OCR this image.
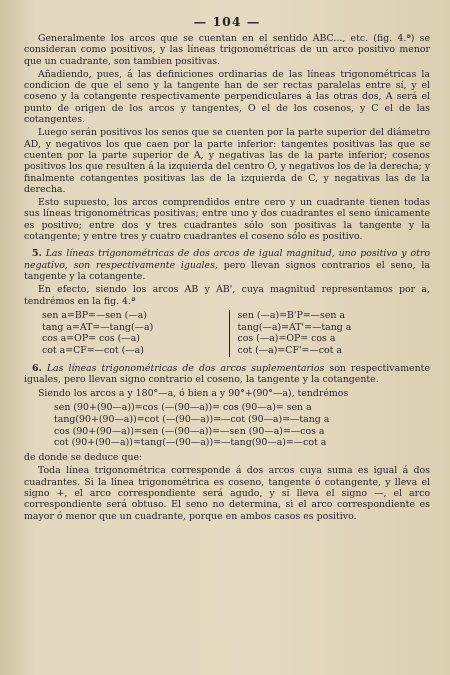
— 104 —

Generalmente los arcos que se cuentan en el sentido ABC..., etc. (fig. 4.ª) se consideran como positivos, y las líneas trigonométricas de un arco positivo menor que un cuadrante, son tambien positivas.

Añadiendo, pues, á las definiciones ordinarias de las líneas trigonométricas la condicion de que el seno y la tangente han de ser rectas paralelas entre sí, y el coseno y la cotangente respectivamente perpendiculares á las otras dos, A será el punto de origen de los arcos y tangentes, O el de los cosenos, y C el de las cotangentes.

Luego serán positivos los senos que se cuenten por la parte superior del diámetro AD, y negativos los que caen por la parte inferior: tangentes positivas las que se cuenten por la parte superior de A, y negativas las de la parte inferior; cosenos positivos los que resulten á la izquierda del centro O, y negativos los de la derecha; y finalmente cotangentes positivas las de la izquierda de C, y negativas las de la derecha.

Esto supuesto, los arcos comprendidos entre cero y un cuadrante tienen todas sus líneas trigonométricas positivas; entre uno y dos cuadrantes el seno únicamente es positivo; entre dos y tres cuadrantes sólo son positivas la tangente y la cotangente; y entre tres y cuatro cuadrantes el coseno sólo es positivo.

5. Las líneas trigonométricas de dos arcos de igual magnitud, uno positivo y otro negativo, son respectivamente iguales, pero llevan signos contrarios el seno, la tangente y la cotangente.

En efecto, siendo los arcos AB y AB', cuya magnitud representamos por a, tendrémos en la fig. 4.ª

sen a=BP=—sen (—a)
tang a=AT=—tang(—a)
cos a=OP= cos (—a)
cot a=CF=—cot (—a)
sen (—a)=B'P=—sen a
tang(—a)=AT'=—tang a
cos (—a)=OP= cos a
cot (—a)=CF'=—cot a

6. Las líneas trigonométricas de dos arcos suplementarios son respectivamente iguales, pero llevan signo contrario el coseno, la tangente y la cotangente.

Siendo los arcos a y 180°—a, ó bien a y 90°+(90°—a), tendrémos

sen (90+(90—a))=cos (—(90—a))= cos (90—a)= sen a
tang(90+(90—a))=cot (—(90—a))=—cot (90—a)=—tang a
cos (90+(90—a))=sen (—(90—a))=—sen (90—a)=—cos a
cot (90+(90—a))=tang(—(90—a))=—tang(90—a)=—cot a

de donde se deduce que:

Toda línea trigonométrica corresponde á dos arcos cuya suma es igual á dos cuadrantes. Si la línea trigonométrica es coseno, tangente ó cotangente, y lleva el signo +, el arco correspondiente será agudo, y si lleva el signo —, el arco correspondiente será obtuso. El seno no determina, si el arco correspondiente es mayor ó menor que un cuadrante, porque en ambos casos es positivo.
